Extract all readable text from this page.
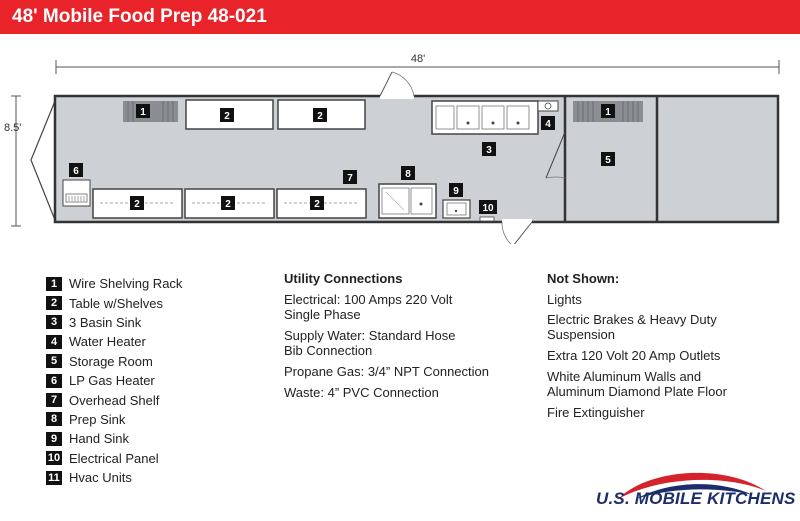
48' Mobile Food Prep 48-021
48'
8.5'
1	1
2	2
2	2	2
7
6
3
4
5
8
9
10
1 Wire Shelving Rack
2 Table w/Shelves
3 3 Basin Sink
4 Water Heater
5 Storage Room
6 LP Gas Heater
7 Overhead Shelf
8 Prep Sink
9 Hand Sink
10 Electrical Panel
11 Hvac Units
Utility Connections
Electrical: 100 Amps 220 Volt
Single Phase
Supply Water: Standard Hose
Bib Connection
Propane Gas: 3/4” NPT Connection
Waste: 4” PVC Connection
Not Shown:
Lights
Electric Brakes & Heavy Duty
Suspension
Extra 120 Volt 20 Amp Outlets
White Aluminum Walls and
Aluminum Diamond Plate Floor
Fire Extinguisher
U.S. MOBILE KITCHENS
